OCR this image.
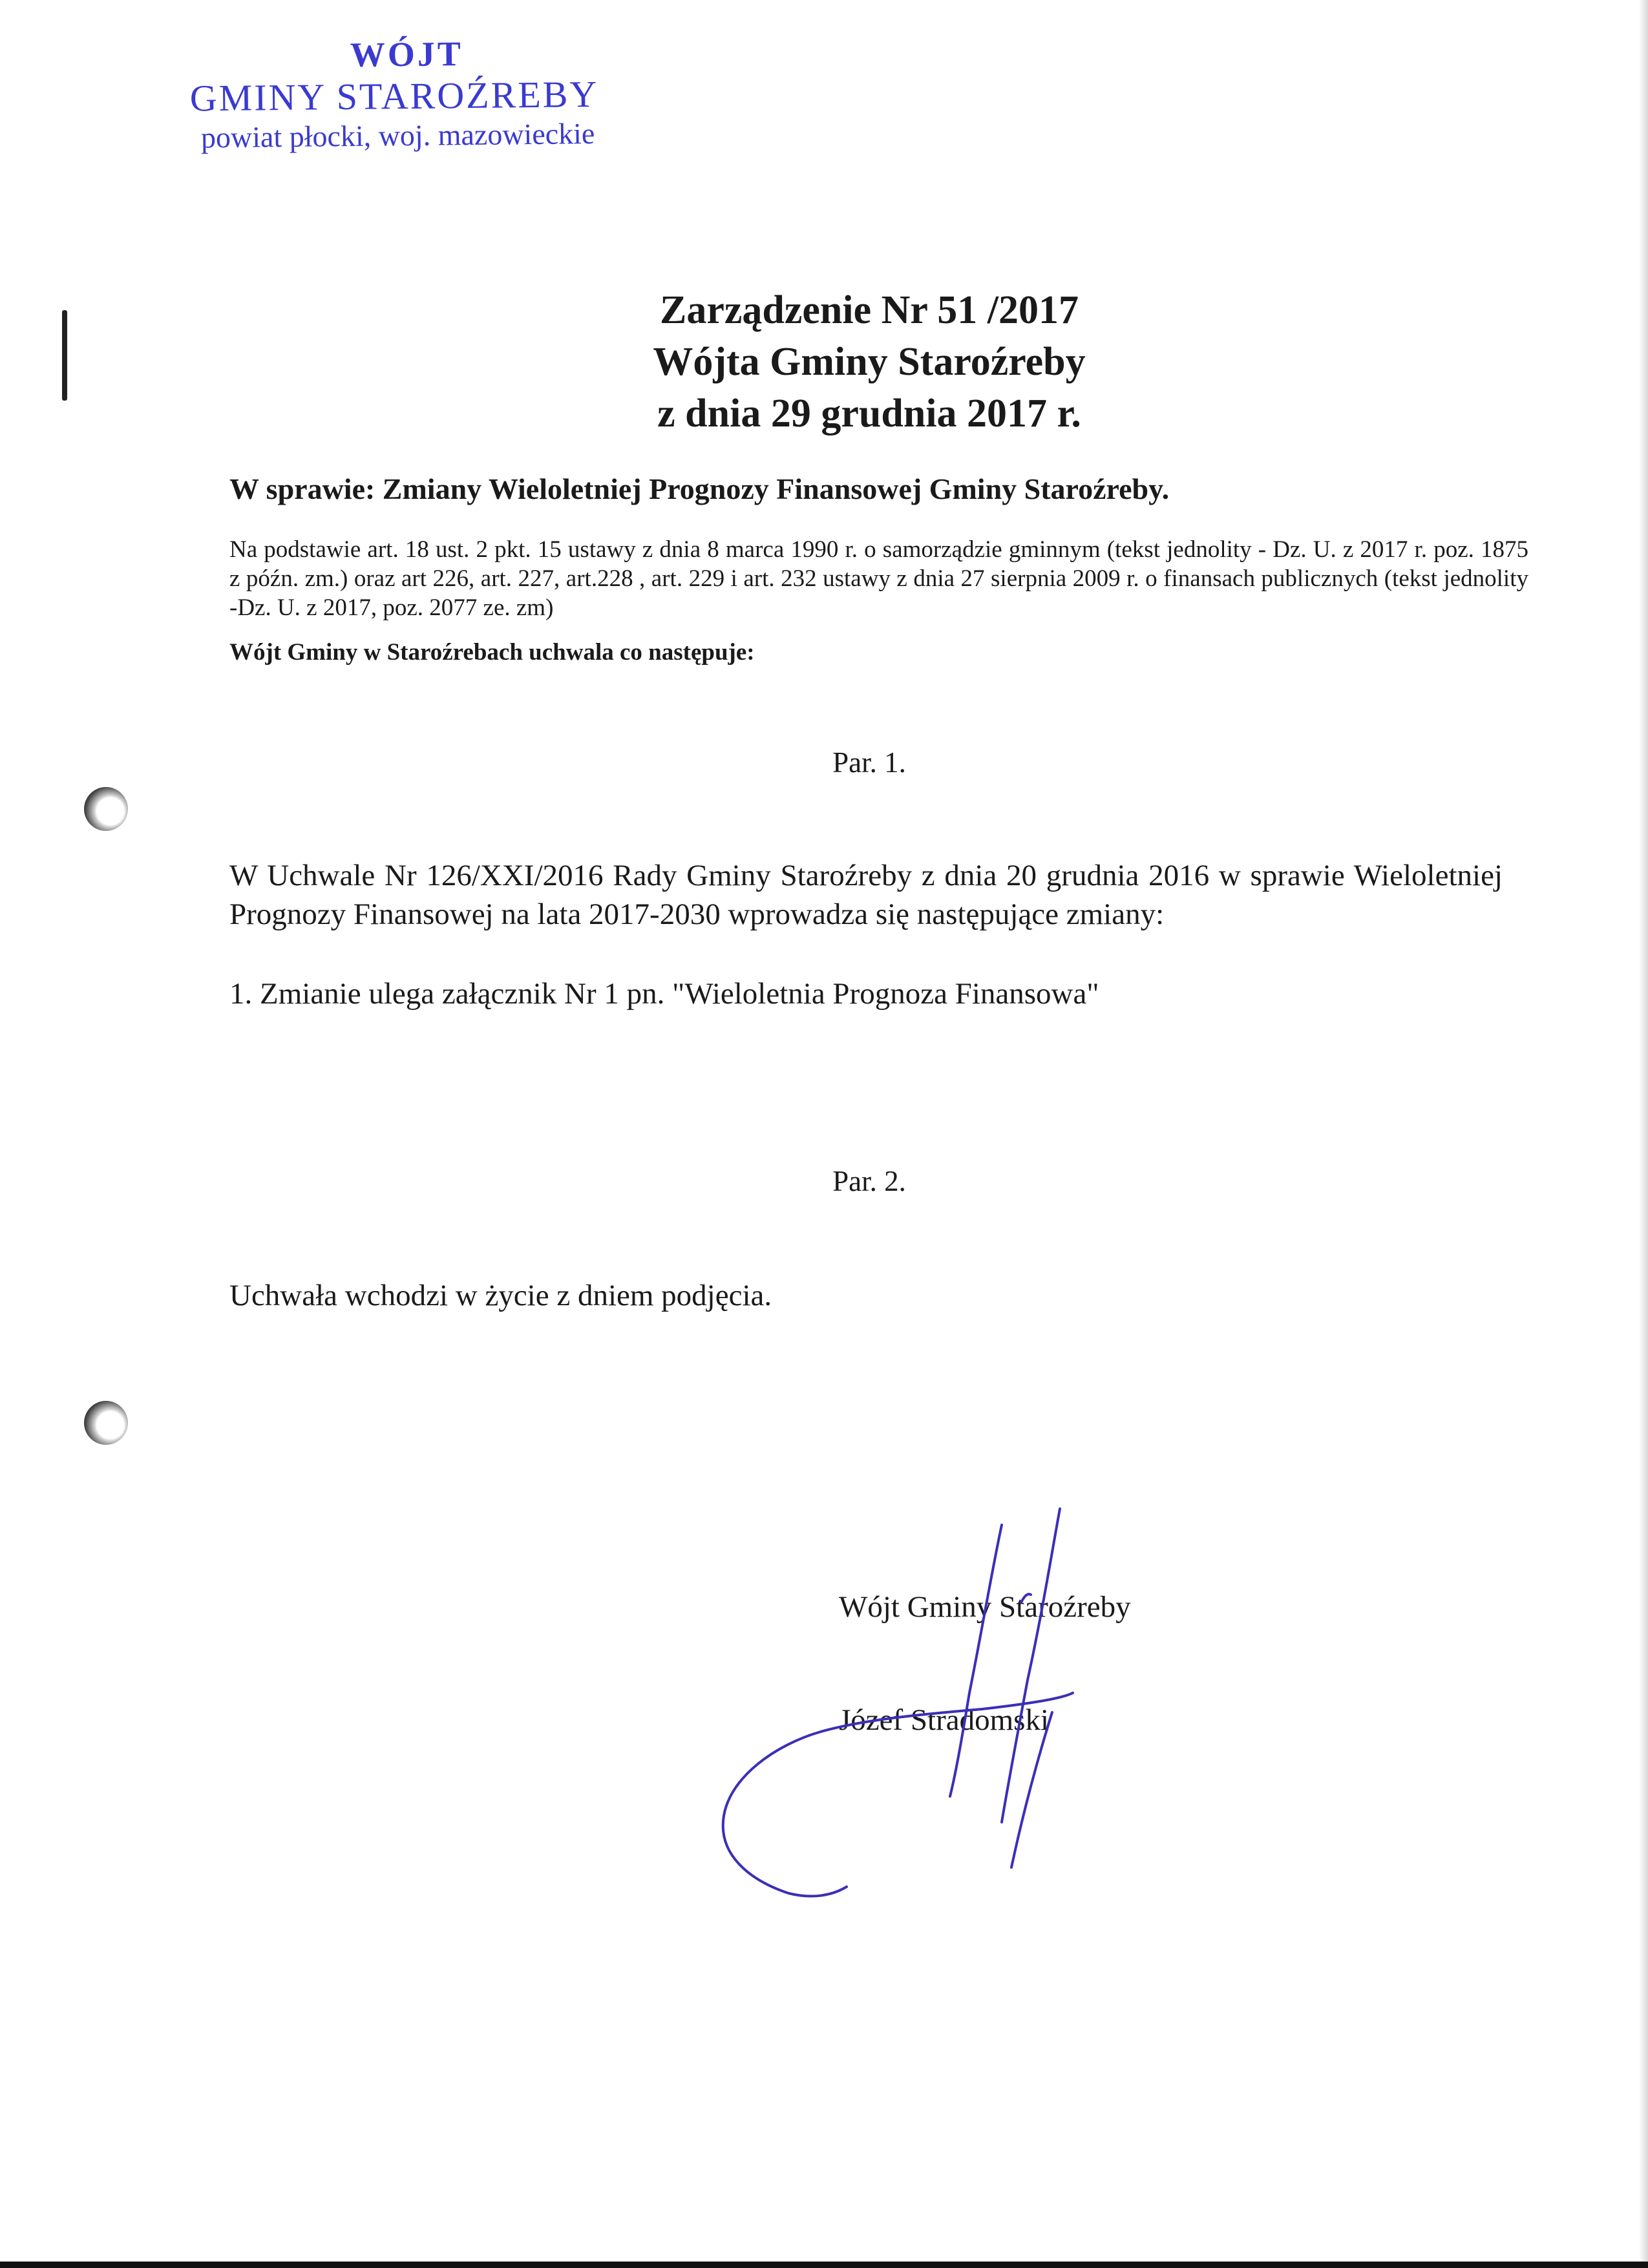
WÓJT
GMINY STAROŹREBY
powiat płocki, woj. mazowieckie
Zarządzenie Nr 51 /2017
Wójta Gminy Staroźreby
z dnia 29 grudnia 2017 r.
W sprawie: Zmiany Wieloletniej Prognozy Finansowej Gminy Staroźreby.
Na podstawie art. 18 ust. 2 pkt. 15 ustawy z dnia 8 marca 1990 r. o samorządzie gminnym (tekst jednolity - Dz. U. z 2017 r. poz. 1875 z późn. zm.) oraz art 226, art. 227, art.228 , art. 229 i art. 232 ustawy z dnia 27 sierpnia 2009 r. o finansach publicznych (tekst jednolity -Dz. U. z 2017, poz. 2077 ze. zm)
Wójt Gminy w Staroźrebach uchwala co następuje:
Par. 1.
W Uchwale Nr 126/XXI/2016 Rady Gminy Staroźreby z dnia 20 grudnia 2016 w sprawie Wieloletniej Prognozy Finansowej na lata 2017-2030 wprowadza się następujące zmiany:
1. Zmianie ulega załącznik Nr 1 pn. "Wieloletnia Prognoza Finansowa"
Par. 2.
Uchwała wchodzi w życie z dniem podjęcia.
Wójt Gminy Staroźreby
Józef Stradomski
